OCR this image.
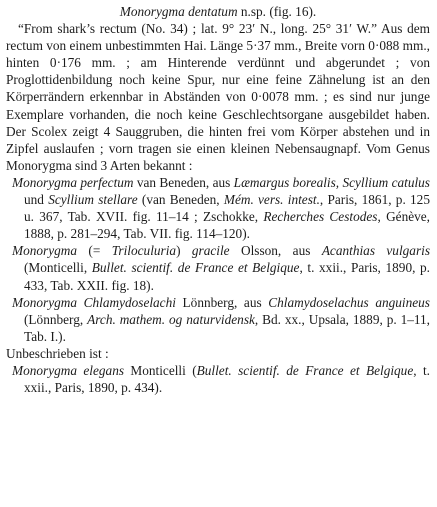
Monorygma dentatum n.sp. (fig. 16).

“From shark’s rectum (No. 34) ; lat. 9° 23′ N., long. 25° 31′ W.” Aus dem rectum von einem unbestimmten Hai. Länge 5·37 mm., Breite vorn 0·088 mm., hinten 0·176 mm. ; am Hinterende verdünnt und abgerundet ; von Proglottidenbildung noch keine Spur, nur eine feine Zähnelung ist an den Körperrändern erkennbar in Abständen von 0·0078 mm. ; es sind nur junge Exemplare vorhanden, die noch keine Geschlechtsorgane ausgebildet haben. Der Scolex zeigt 4 Sauggruben, die hinten frei vom Körper abstehen und in Zipfel auslaufen ; vorn tragen sie einen kleinen Nebensaugnapf. Vom Genus Monorygma sind 3 Arten bekannt :

Monorygma perfectum van Beneden, aus Læmargus borealis, Scyllium catulus und Scyllium stellare (van Beneden, Mém. vers. intest., Paris, 1861, p. 125 u. 367, Tab. XVII. fig. 11–14 ; Zschokke, Recherches Cestodes, Génève, 1888, p. 281–294, Tab. VII. fig. 114–120).

Monorygma (= Triloculuria) gracile Olsson, aus Acanthias vulgaris (Monticelli, Bullet. scientif. de France et Belgique, t. xxii., Paris, 1890, p. 433, Tab. XXII. fig. 18).

Monorygma Chlamydoselachi Lönnberg, aus Chlamydoselachus anguineus (Lönnberg, Arch. mathem. og naturvidensk, Bd. xx., Upsala, 1889, p. 1–11, Tab. I.).

Unbeschrieben ist :

Monorygma elegans Monticelli (Bullet. scientif. de France et Belgique, t. xxii., Paris, 1890, p. 434).
